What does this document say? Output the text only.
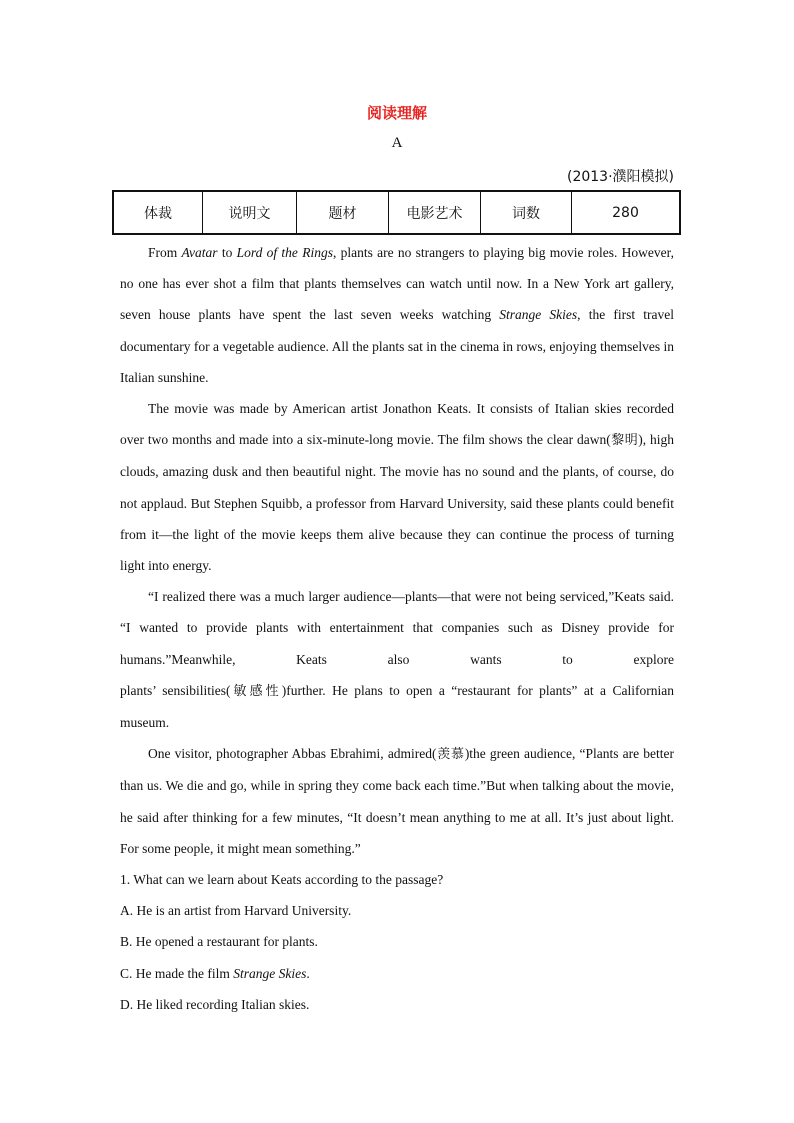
阅读理解
A
(2013·濮阳模拟)
体裁	说明文	题材	电影艺术	词数	280

From Avatar to Lord of the Rings, plants are no strangers to playing big movie roles. However, no one has ever shot a film that plants themselves can watch until now. In a New York art gallery, seven house plants have spent the last seven weeks watching Strange Skies, the first travel documentary for a vegetable audience. All the plants sat in the cinema in rows, enjoying themselves in Italian sunshine.

The movie was made by American artist Jonathon Keats. It consists of Italian skies recorded over two months and made into a six-minute-long movie. The film shows the clear dawn(黎明), high clouds, amazing dusk and then beautiful night. The movie has no sound and the plants, of course, do not applaud. But Stephen Squibb, a professor from Harvard University, said these plants could benefit from it—the light of the movie keeps them alive because they can continue the process of turning light into energy.

“I realized there was a much larger audience—plants—that were not being serviced,”Keats said. “I wanted to provide plants with entertainment that companies such as Disney provide for humans.”Meanwhile, Keats also wants to explore

plants’ sensibilities(敏感性)further. He plans to open a “restaurant for plants” at a Californian museum.

One visitor, photographer Abbas Ebrahimi, admired(羡慕)the green audience, “Plants are better than us. We die and go, while in spring they come back each time.”But when talking about the movie, he said after thinking for a few minutes, “It doesn’t mean anything to me at all. It’s just about light. For some people, it might mean something.”

1. What can we learn about Keats according to the passage?
A. He is an artist from Harvard University.
B. He opened a restaurant for plants.
C. He made the film Strange Skies.
D. He liked recording Italian skies.
